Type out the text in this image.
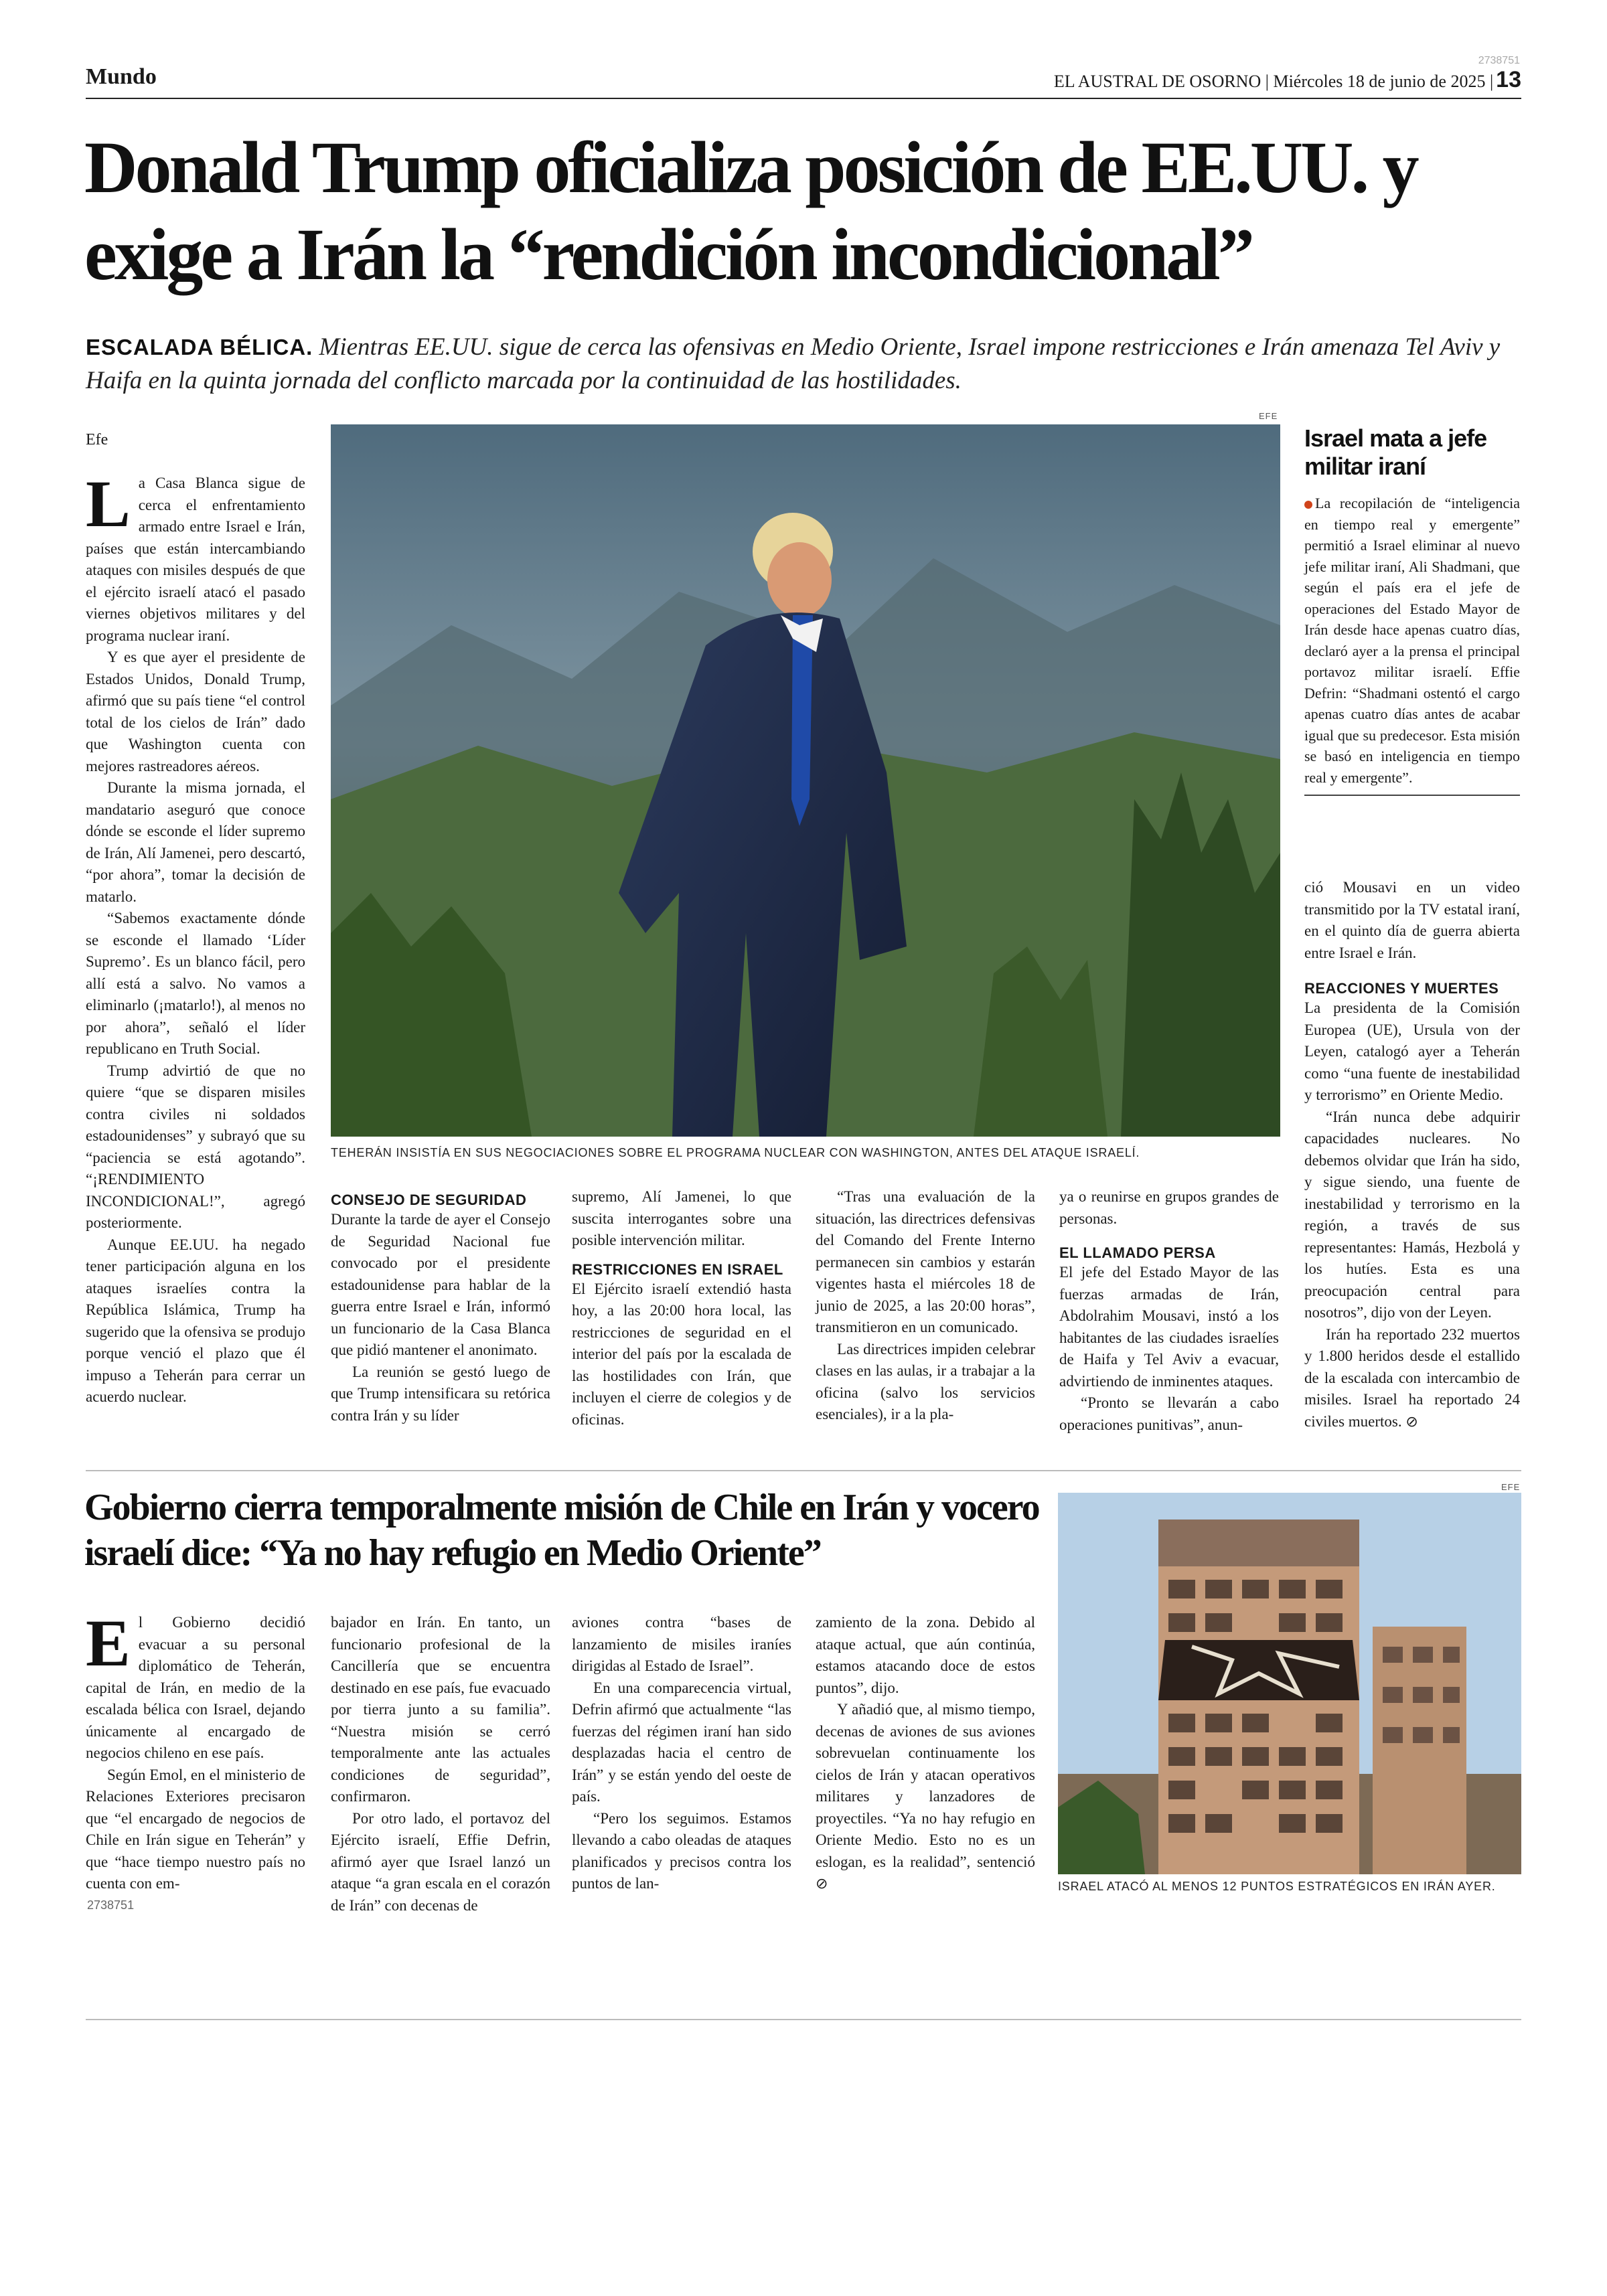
Mundo
2738751
EL AUSTRAL DE OSORNO | Miércoles 18 de junio de 2025 | 13
Donald Trump oficializa posición de EE.UU. y exige a Irán la “rendición incondicional”
ESCALADA BÉLICA. Mientras EE.UU. sigue de cerca las ofensivas en Medio Oriente, Israel impone restricciones e Irán amenaza Tel Aviv y Haifa en la quinta jornada del conflicto marcada por la continuidad de las hostilidades.
Efe

La Casa Blanca sigue de cerca el enfrentamiento armado entre Israel e Irán, países que están intercambiando ataques con misiles después de que el ejército israelí atacó el pasado viernes objetivos militares y del programa nuclear iraní.

Y es que ayer el presidente de Estados Unidos, Donald Trump, afirmó que su país tiene “el control total de los cielos de Irán” dado que Washington cuenta con mejores rastreadores aéreos.

Durante la misma jornada, el mandatario aseguró que conoce dónde se esconde el líder supremo de Irán, Alí Jamenei, pero descartó, “por ahora”, tomar la decisión de matarlo.

“Sabemos exactamente dónde se esconde el llamado ‘Líder Supremo’. Es un blanco fácil, pero allí está a salvo. No vamos a eliminarlo (¡matarlo!), al menos no por ahora”, señaló el líder republicano en Truth Social.

Trump advirtió de que no quiere “que se disparen misiles contra civiles ni soldados estadounidenses” y subrayó que su “paciencia se está agotando”. “¡RENDIMIENTO INCONDICIONAL!”, agregó posteriormente.

Aunque EE.UU. ha negado tener participación alguna en los ataques israelíes contra la República Islámica, Trump ha sugerido que la ofensiva se produjo porque venció el plazo que él impuso a Teherán para cerrar un acuerdo nuclear.

EFE
TEHERÁN INSISTÍA EN SUS NEGOCIACIONES SOBRE EL PROGRAMA NUCLEAR CON WASHINGTON, ANTES DEL ATAQUE ISRAELÍ.
Israel mata a jefe militar iraní

La recopilación de “inteligencia en tiempo real y emergente” permitió a Israel eliminar al nuevo jefe militar iraní, Ali Shadmani, que según el país era el jefe de operaciones del Estado Mayor de Irán desde hace apenas cuatro días, declaró ayer a la prensa el principal portavoz militar israelí. Effie Defrin: “Shadmani ostentó el cargo apenas cuatro días antes de acabar igual que su predecesor. Esta misión se basó en inteligencia en tiempo real y emergente”.

CONSEJO DE SEGURIDAD

Durante la tarde de ayer el Consejo de Seguridad Nacional fue convocado por el presidente estadounidense para hablar de la guerra entre Israel e Irán, informó un funcionario de la Casa Blanca que pidió mantener el anonimato.

La reunión se gestó luego de que Trump intensificara su retórica contra Irán y su líder

supremo, Alí Jamenei, lo que suscita interrogantes sobre una posible intervención militar.

RESTRICCIONES EN ISRAEL

El Ejército israelí extendió hasta hoy, a las 20:00 hora local, las restricciones de seguridad en el interior del país por la escalada de las hostilidades con Irán, que incluyen el cierre de colegios y de oficinas.

“Tras una evaluación de la situación, las directrices defensivas del Comando del Frente Interno permanecen sin cambios y estarán vigentes hasta el miércoles 18 de junio de 2025, a las 20:00 horas”, transmitieron en un comunicado.

Las directrices impiden celebrar clases en las aulas, ir a trabajar a la oficina (salvo los servicios esenciales), ir a la pla-

ya o reunirse en grupos grandes de personas.

EL LLAMADO PERSA

El jefe del Estado Mayor de las fuerzas armadas de Irán, Abdolrahim Mousavi, instó a los habitantes de las ciudades israelíes de Haifa y Tel Aviv a evacuar, advirtiendo de inminentes ataques.

“Pronto se llevarán a cabo operaciones punitivas”, anun-

ció Mousavi en un video transmitido por la TV estatal iraní, en el quinto día de guerra abierta entre Israel e Irán.

REACCIONES Y MUERTES

La presidenta de la Comisión Europea (UE), Ursula von der Leyen, catalogó ayer a Teherán como “una fuente de inestabilidad y terrorismo” en Oriente Medio.

“Irán nunca debe adquirir capacidades nucleares. No debemos olvidar que Irán ha sido, y sigue siendo, una fuente de inestabilidad y terrorismo en la región, a través de sus representantes: Hamás, Hezbolá y los hutíes. Esta es una preocupación central para nosotros”, dijo von der Leyen.

Irán ha reportado 232 muertos y 1.800 heridos desde el estallido de la escalada con intercambio de misiles. Israel ha reportado 24 civiles muertos. ⊘

Gobierno cierra temporalmente misión de Chile en Irán y vocero israelí dice: “Ya no hay refugio en Medio Oriente”
EFE
ISRAEL ATACÓ AL MENOS 12 PUNTOS ESTRATÉGICOS EN IRÁN AYER.

El Gobierno decidió evacuar a su personal diplomático de Teherán, capital de Irán, en medio de la escalada bélica con Israel, dejando únicamente al encargado de negocios chileno en ese país.

Según Emol, en el ministerio de Relaciones Exteriores precisaron que “el encargado de negocios de Chile en Irán sigue en Teherán” y que “hace tiempo nuestro país no cuenta con em-

bajador en Irán. En tanto, un funcionario profesional de la Cancillería que se encuentra destinado en ese país, fue evacuado por tierra junto a su familia”. “Nuestra misión se cerró temporalmente ante las actuales condiciones de seguridad”, confirmaron.

Por otro lado, el portavoz del Ejército israelí, Effie Defrin, afirmó ayer que Israel lanzó un ataque “a gran escala en el corazón de Irán” con decenas de

aviones contra “bases de lanzamiento de misiles iraníes dirigidas al Estado de Israel”.

En una comparecencia virtual, Defrin afirmó que actualmente “las fuerzas del régimen iraní han sido desplazadas hacia el centro de Irán” y se están yendo del oeste de país.

“Pero los seguimos. Estamos llevando a cabo oleadas de ataques planificados y precisos contra los puntos de lan-

zamiento de la zona. Debido al ataque actual, que aún continúa, estamos atacando doce de estos puntos”, dijo.

Y añadió que, al mismo tiempo, decenas de aviones de sus aviones sobrevuelan continuamente los cielos de Irán y atacan operativos militares y lanzadores de proyectiles. “Ya no hay refugio en Oriente Medio. Esto no es un eslogan, es la realidad”, sentenció ⊘

2738751
